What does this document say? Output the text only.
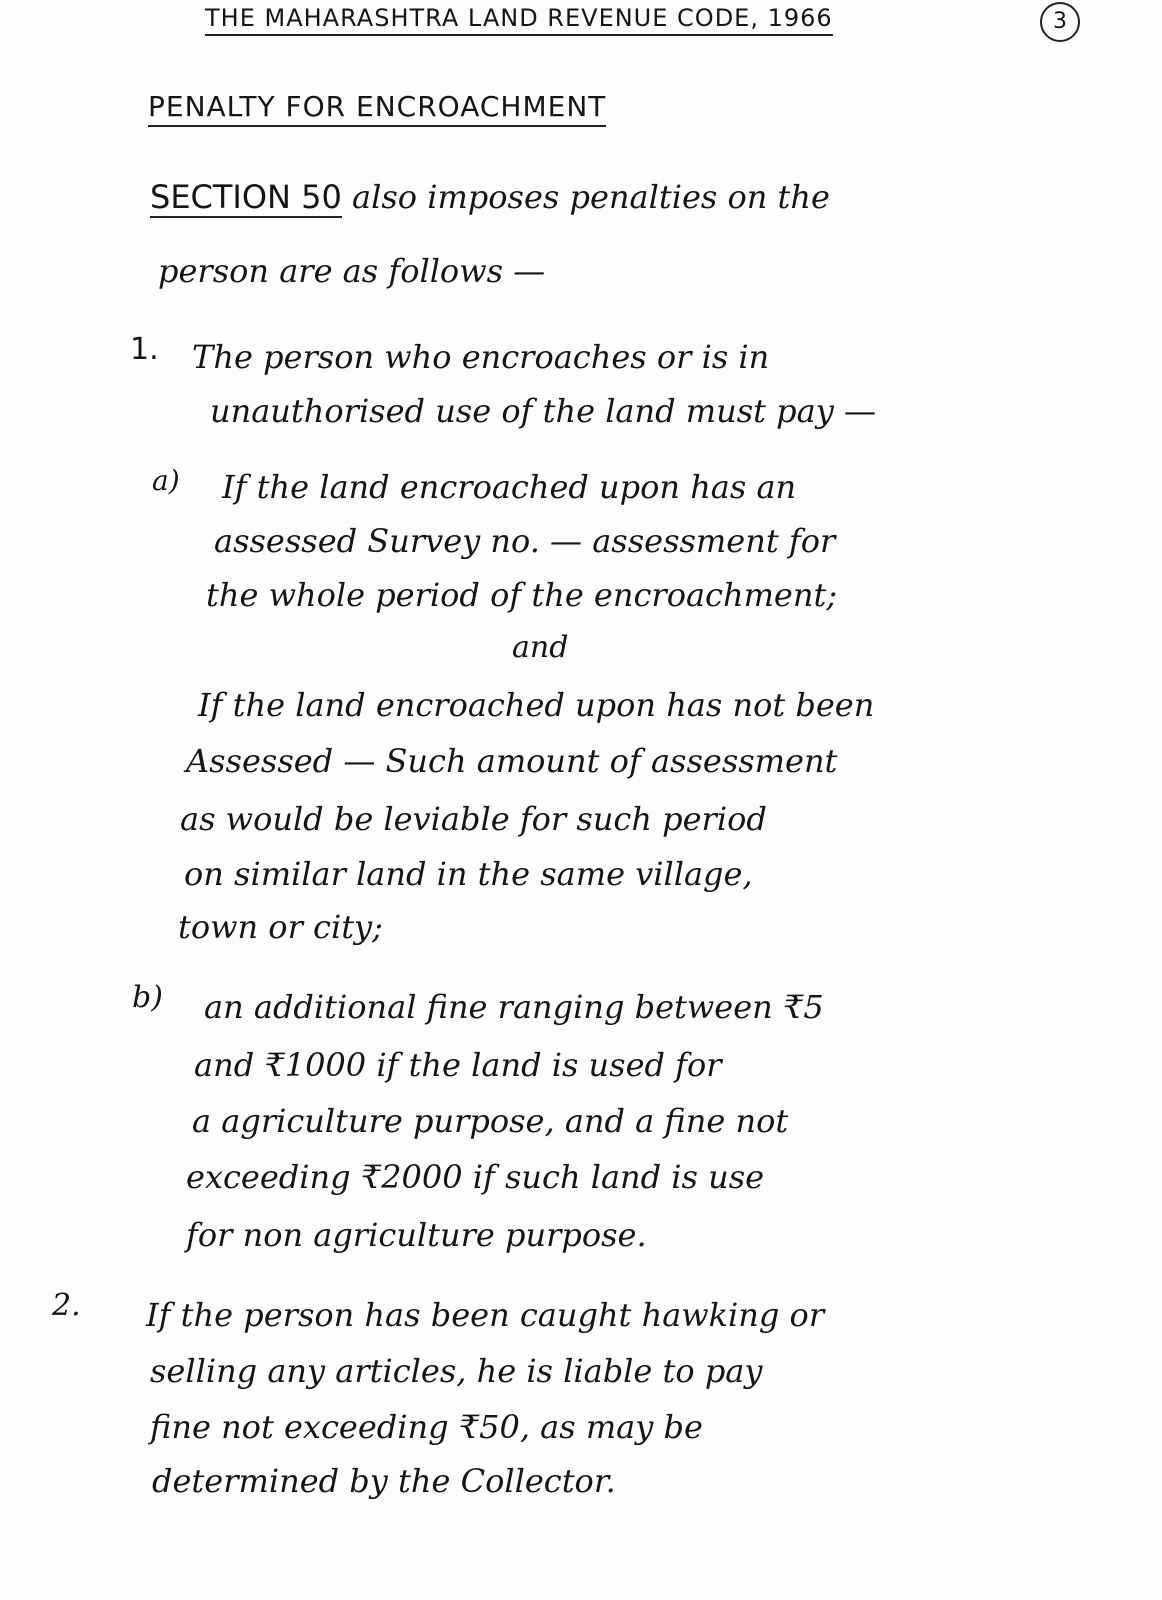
THE MAHARASHTRA LAND REVENUE CODE, 1966	3
PENALTY FOR ENCROACHMENT
SECTION 50 also imposes penalties on the
person are as follows —
1. The person who encroaches or is in
unauthorised use of the land must pay —
a) If the land encroached upon has an
assessed Survey no. — assessment for
the whole period of the encroachment;
and
If the land encroached upon has not been
Assessed — Such amount of assessment
as would be leviable for such period
on similar land in the same village,
town or city;
b) an additional fine ranging between ₹5
and ₹1000 if the land is used for
a agriculture purpose, and a fine not
exceeding ₹2000 if such land is use
for non agriculture purpose.
2. If the person has been caught hawking or
selling any articles, he is liable to pay
fine not exceeding ₹50, as may be
determined by the Collector.
